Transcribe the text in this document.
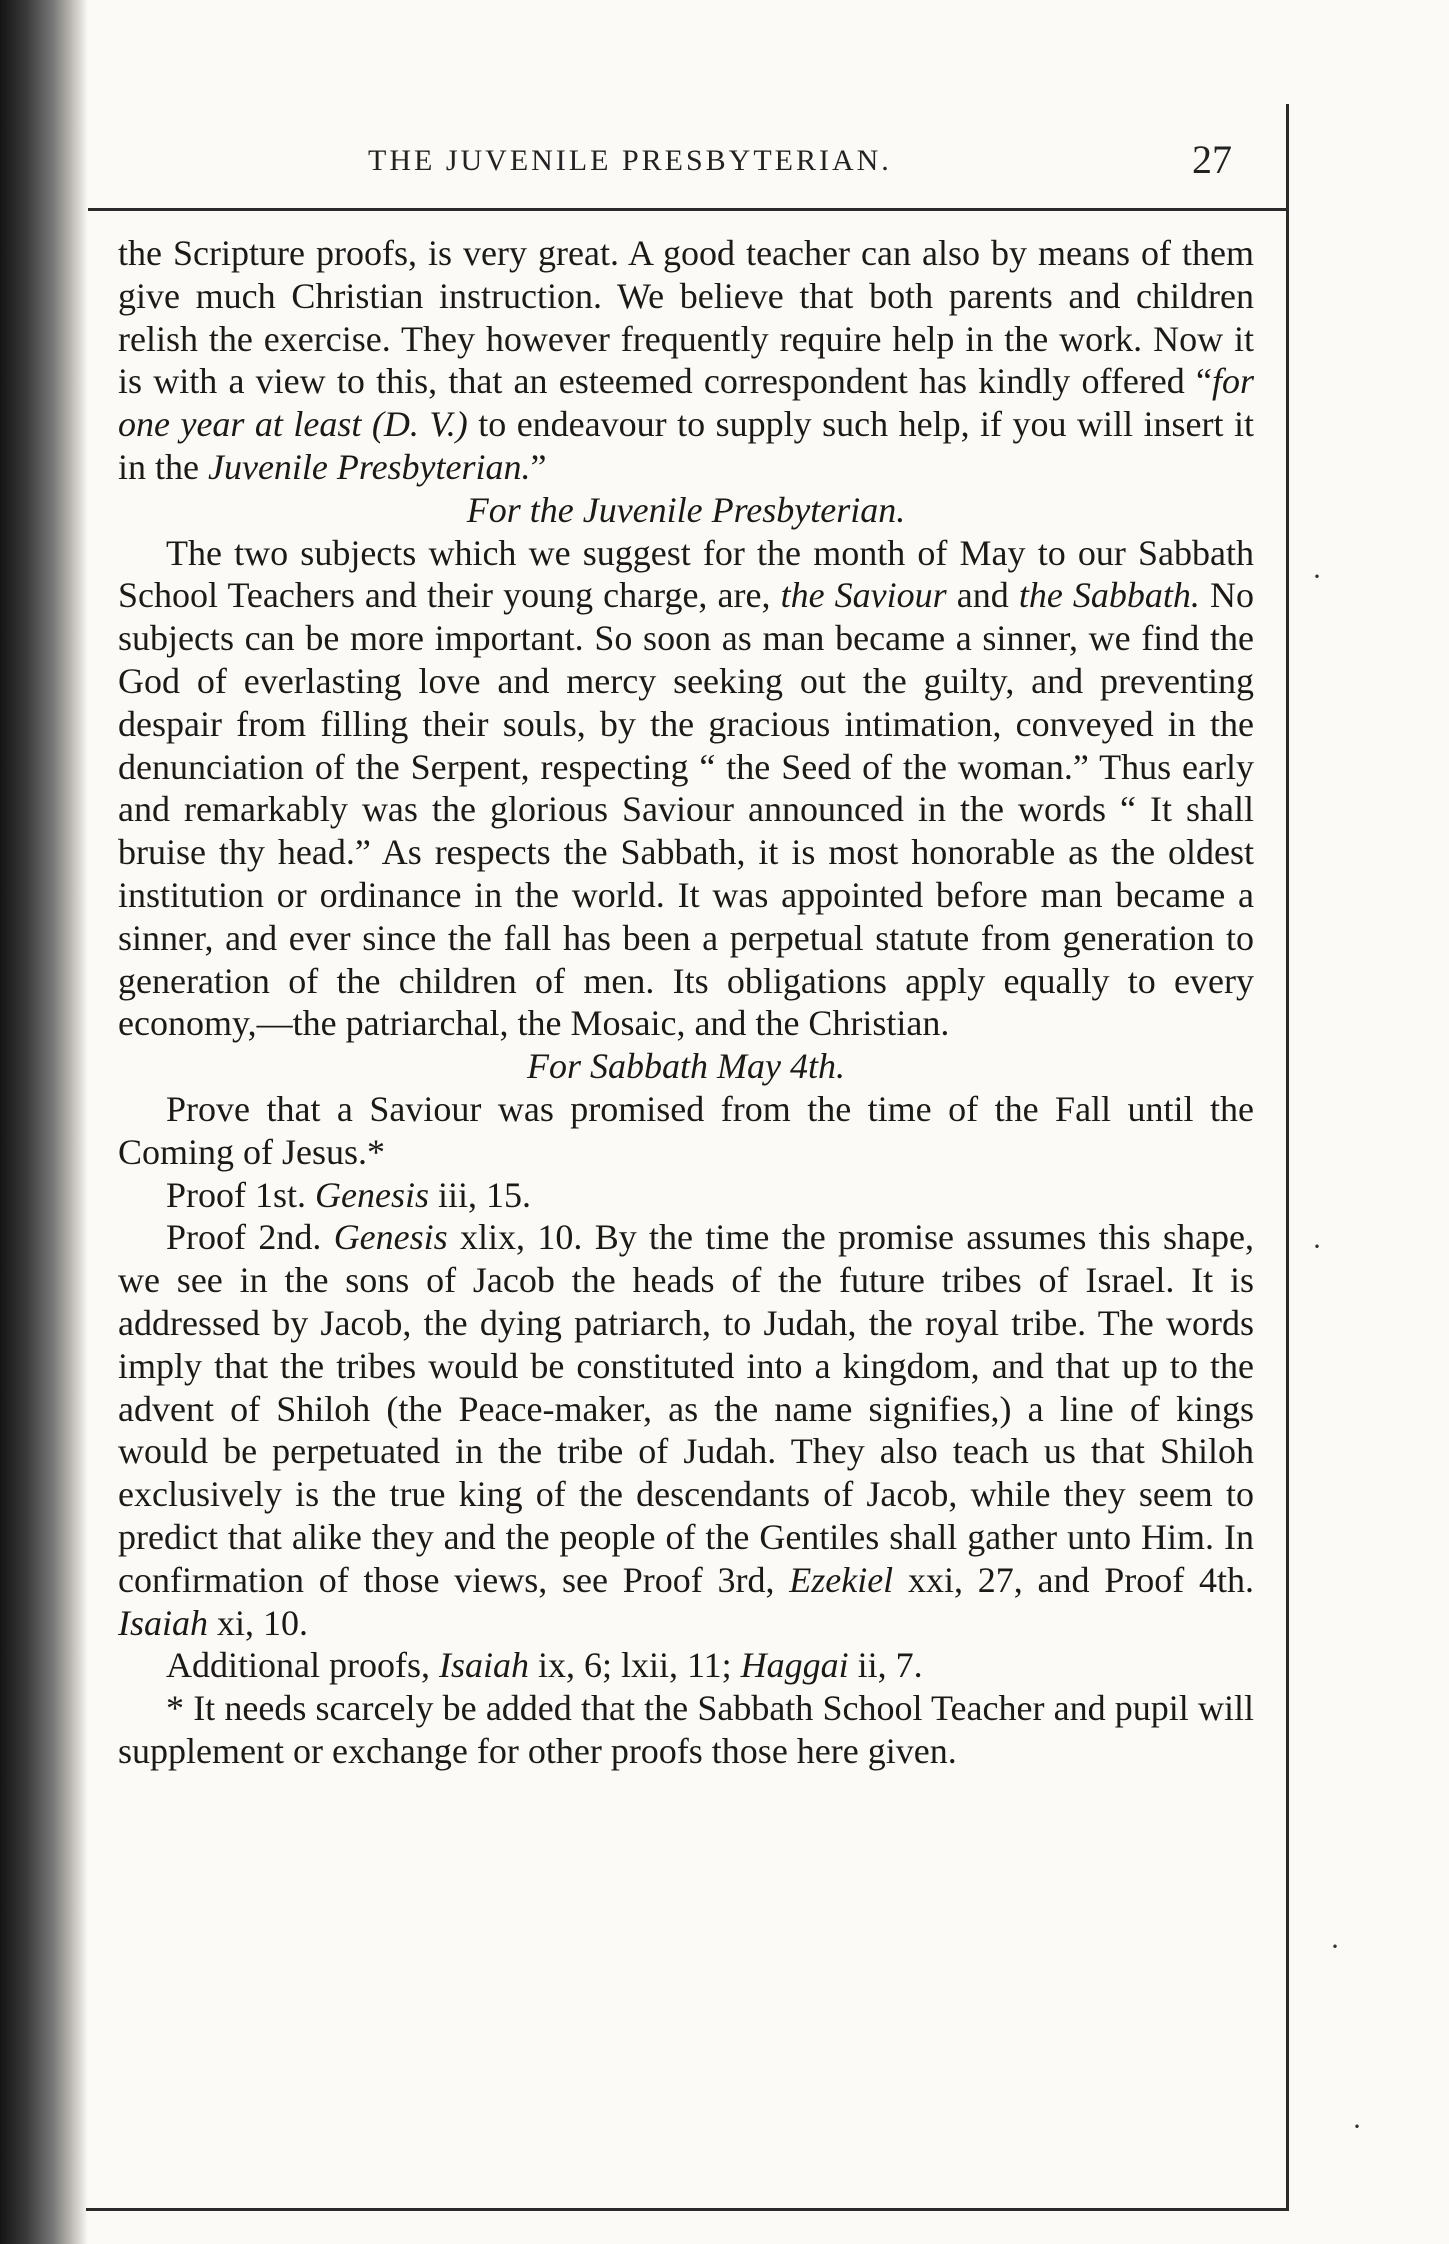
THE JUVENILE PRESBYTERIAN.	27

the Scripture proofs, is very great. A good teacher can also by means of them give much Christian instruction. We believe that both parents and children relish the exercise. They however frequently require help in the work. Now it is with a view to this, that an esteemed correspondent has kindly offered “for one year at least (D. V.) to endeavour to supply such help, if you will insert it in the Juvenile Presbyterian.”

For the Juvenile Presbyterian.

The two subjects which we suggest for the month of May to our Sabbath School Teachers and their young charge, are, the Saviour and the Sabbath. No subjects can be more important. So soon as man became a sinner, we find the God of everlasting love and mercy seeking out the guilty, and preventing despair from filling their souls, by the gracious intimation, conveyed in the denunciation of the Serpent, respecting “ the Seed of the woman.” Thus early and remarkably was the glorious Saviour announced in the words “ It shall bruise thy head.” As respects the Sabbath, it is most honorable as the oldest institution or ordinance in the world. It was appointed before man became a sinner, and ever since the fall has been a perpetual statute from generation to generation of the children of men. Its obligations apply equally to every economy,—the patriarchal, the Mosaic, and the Christian.

For Sabbath May 4th.

Prove that a Saviour was promised from the time of the Fall until the Coming of Jesus.*

Proof 1st. Genesis iii, 15.

Proof 2nd. Genesis xlix, 10. By the time the promise assumes this shape, we see in the sons of Jacob the heads of the future tribes of Israel. It is addressed by Jacob, the dying patriarch, to Judah, the royal tribe. The words imply that the tribes would be constituted into a kingdom, and that up to the advent of Shiloh (the Peace-maker, as the name signifies,) a line of kings would be perpetuated in the tribe of Judah. They also teach us that Shiloh exclusively is the true king of the descendants of Jacob, while they seem to predict that alike they and the people of the Gentiles shall gather unto Him. In confirmation of those views, see Proof 3rd, Ezekiel xxi, 27, and Proof 4th. Isaiah xi, 10.

Additional proofs, Isaiah ix, 6; lxii, 11; Haggai ii, 7.

* It needs scarcely be added that the Sabbath School Teacher and pupil will supplement or exchange for other proofs those here given.

·
·
·
·
